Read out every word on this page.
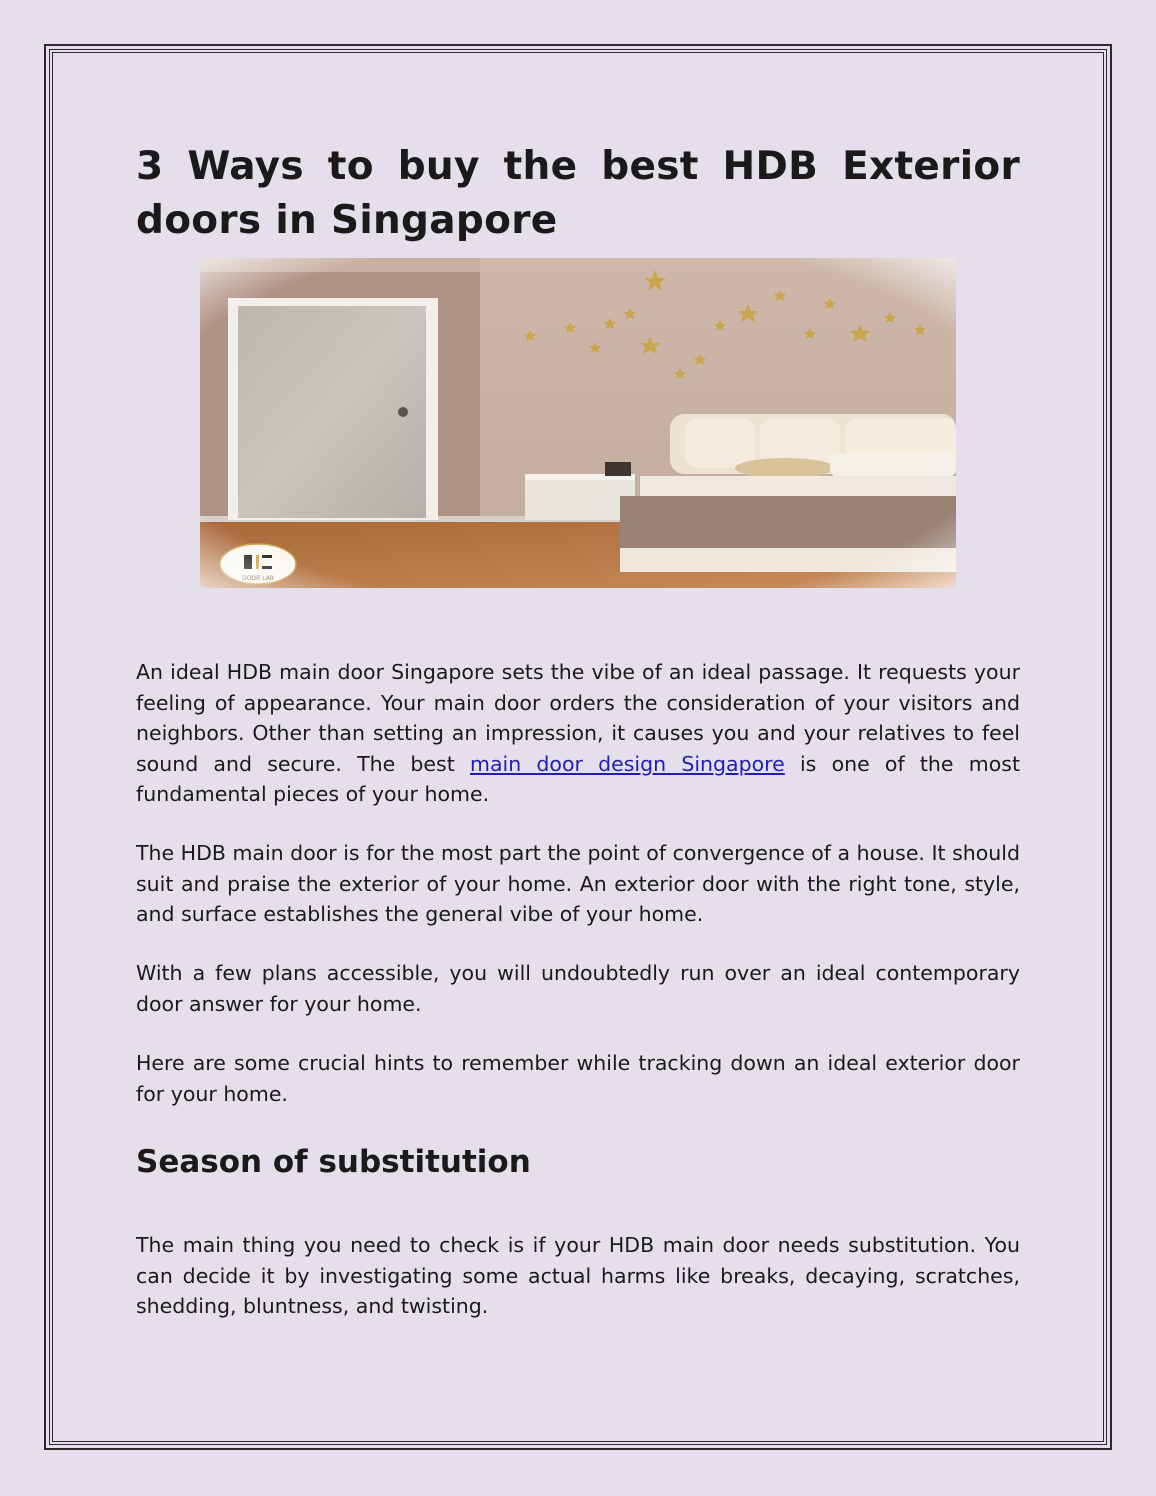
3 Ways to buy the best HDB Exterior doors in Singapore

An ideal HDB main door Singapore sets the vibe of an ideal passage. It requests your feeling of appearance. Your main door orders the consideration of your visitors and neighbors. Other than setting an impression, it causes you and your relatives to feel sound and secure. The best main door design Singapore is one of the most fundamental pieces of your home.

The HDB main door is for the most part the point of convergence of a house. It should suit and praise the exterior of your home. An exterior door with the right tone, style, and surface establishes the general vibe of your home.

With a few plans accessible, you will undoubtedly run over an ideal contemporary door answer for your home.

Here are some crucial hints to remember while tracking down an ideal exterior door for your home.

Season of substitution

The main thing you need to check is if your HDB main door needs substitution. You can decide it by investigating some actual harms like breaks, decaying, scratches, shedding, bluntness, and twisting.
